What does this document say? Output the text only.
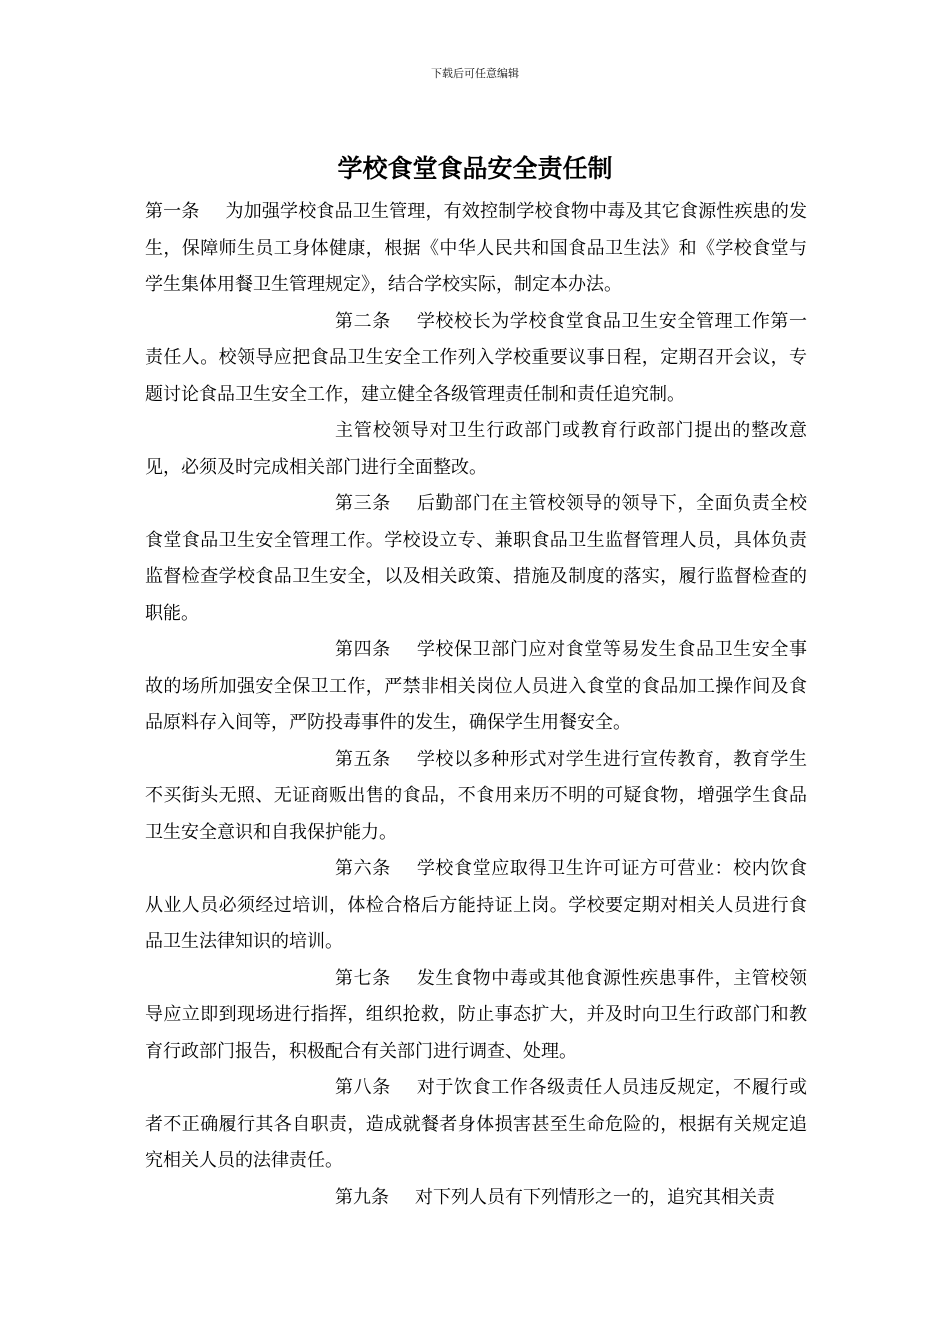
下载后可任意编辑
学校食堂食品安全责任制

第一条 为加强学校食品卫生管理，有效控制学校食物中毒及其它食源性疾患的发生，保障师生员工身体健康，根据《中华人民共和国食品卫生法》和《学校食堂与学生集体用餐卫生管理规定》，结合学校实际，制定本办法。

第二条 学校校长为学校食堂食品卫生安全管理工作第一责任人。校领导应把食品卫生安全工作列入学校重要议事日程，定期召开会议，专题讨论食品卫生安全工作，建立健全各级管理责任制和责任追究制。

主管校领导对卫生行政部门或教育行政部门提出的整改意见，必须及时完成相关部门进行全面整改。

第三条 后勤部门在主管校领导的领导下，全面负责全校食堂食品卫生安全管理工作。学校设立专、兼职食品卫生监督管理人员，具体负责监督检查学校食品卫生安全，以及相关政策、措施及制度的落实，履行监督检查的职能。

第四条 学校保卫部门应对食堂等易发生食品卫生安全事故的场所加强安全保卫工作，严禁非相关岗位人员进入食堂的食品加工操作间及食品原料存入间等，严防投毒事件的发生，确保学生用餐安全。

第五条 学校以多种形式对学生进行宣传教育，教育学生不买街头无照、无证商贩出售的食品，不食用来历不明的可疑食物，增强学生食品卫生安全意识和自我保护能力。

第六条 学校食堂应取得卫生许可证方可营业：校内饮食从业人员必须经过培训，体检合格后方能持证上岗。学校要定期对相关人员进行食品卫生法律知识的培训。

第七条 发生食物中毒或其他食源性疾患事件，主管校领导应立即到现场进行指挥，组织抢救，防止事态扩大，并及时向卫生行政部门和教育行政部门报告，积极配合有关部门进行调查、处理。

第八条 对于饮食工作各级责任人员违反规定，不履行或者不正确履行其各自职责，造成就餐者身体损害甚至生命危险的，根据有关规定追究相关人员的法律责任。

第九条 对下列人员有下列情形之一的，追究其相关责
